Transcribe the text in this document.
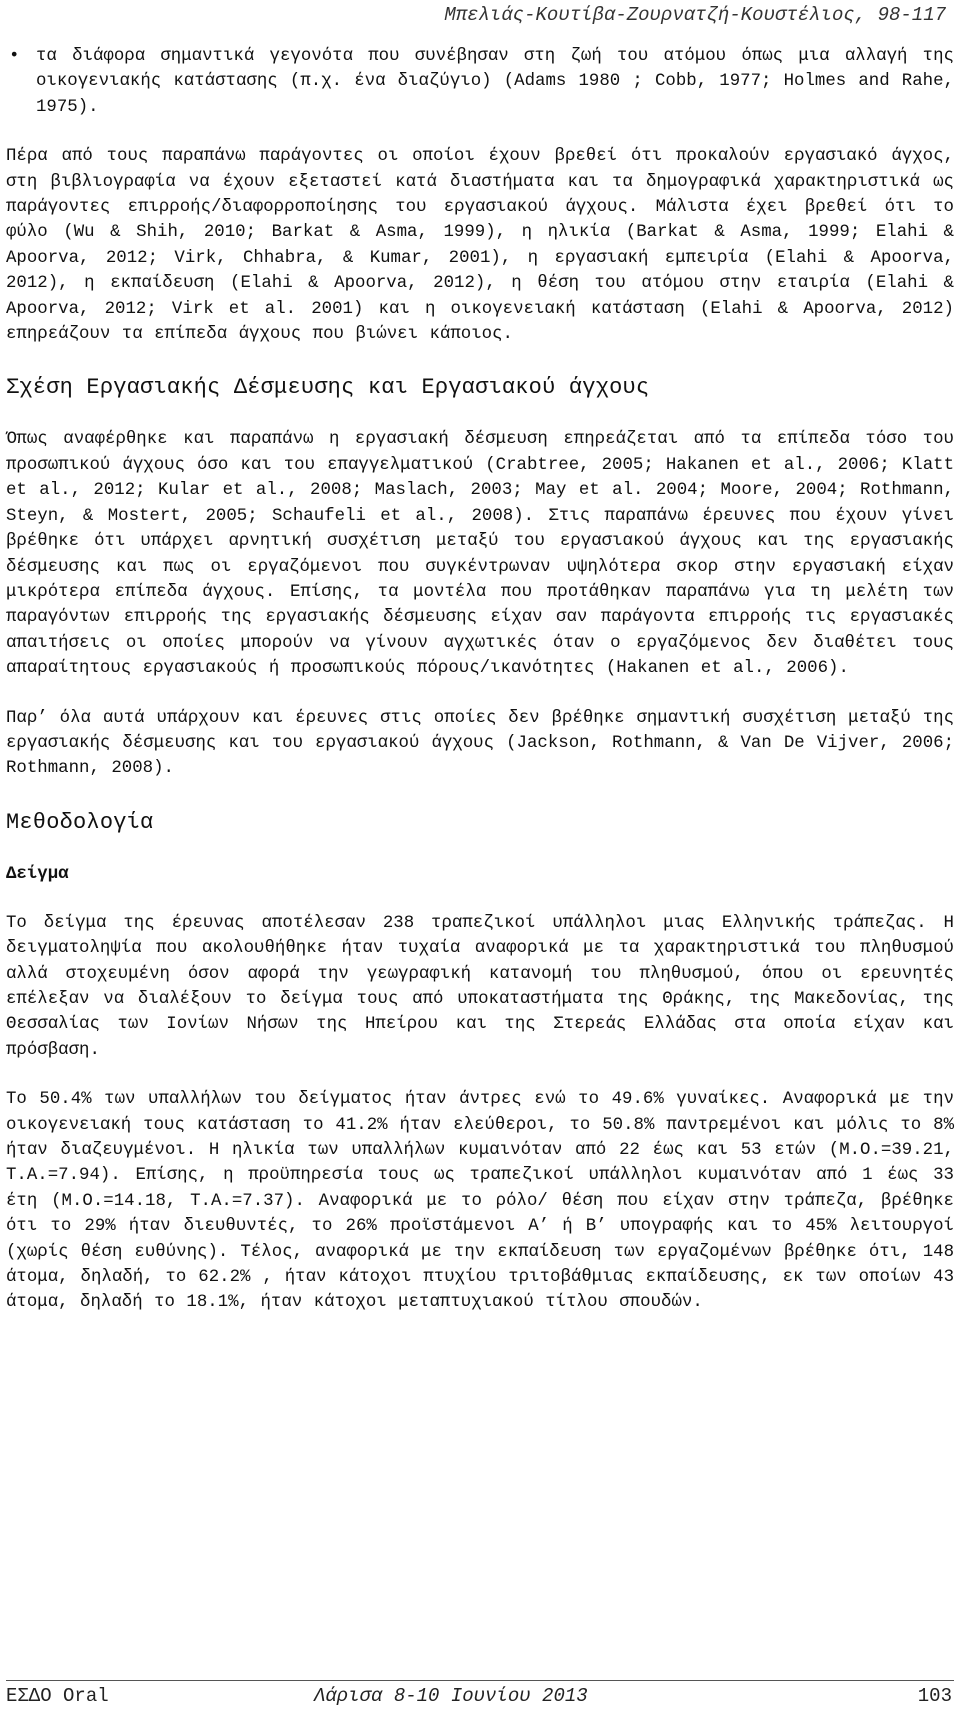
Μπελιάς-Κουτίβα-Ζουρνατζή-Κουστέλιος, 98-117
• τα διάφορα σημαντικά γεγονότα που συνέβησαν στη ζωή του ατόμου όπως μια αλλαγή της οικογενιακής κατάστασης (π.χ. ένα διαζύγιο) (Adams 1980 ; Cobb, 1977; Holmes and Rahe, 1975).

Πέρα από τους παραπάνω παράγοντες οι οποίοι έχουν βρεθεί ότι προκαλούν εργασιακό άγχος, στη βιβλιογραφία να έχουν εξεταστεί κατά διαστήματα και τα δημογραφικά χαρακτηριστικά ως παράγοντες επιρροής/διαφορροποίησης του εργασιακού άγχους. Μάλιστα έχει βρεθεί ότι το φύλο (Wu & Shih, 2010; Barkat & Asma, 1999), η ηλικία (Barkat & Asma, 1999; Elahi & Apoorva, 2012; Virk, Chhabra, & Kumar, 2001), η εργασιακή εμπειρία (Elahi & Apoorva, 2012), η εκπαίδευση (Elahi & Apoorva, 2012), η θέση του ατόμου στην εταιρία (Elahi & Apoorva, 2012; Virk et al. 2001) και η οικογενειακή κατάσταση (Elahi & Apoorva, 2012) επηρεάζουν τα επίπεδα άγχους που βιώνει κάποιος.

Σχέση Εργασιακής Δέσμευσης και Εργασιακού άγχους

Όπως αναφέρθηκε και παραπάνω η εργασιακή δέσμευση επηρεάζεται από τα επίπεδα τόσο του προσωπικού άγχους όσο και του επαγγελματικού (Crabtree, 2005; Hakanen et al., 2006; Klatt et al., 2012; Kular et al., 2008; Maslach, 2003; May et al. 2004; Moore, 2004; Rothmann, Steyn, & Mostert, 2005; Schaufeli et al., 2008). Στις παραπάνω έρευνες που έχουν γίνει βρέθηκε ότι υπάρχει αρνητική συσχέτιση μεταξύ του εργασιακού άγχους και της εργασιακής δέσμευσης και πως οι εργαζόμενοι που συγκέντρωναν υψηλότερα σκορ στην εργασιακή είχαν μικρότερα επίπεδα άγχους. Επίσης, τα μοντέλα που προτάθηκαν παραπάνω για τη μελέτη των παραγόντων επιρροής της εργασιακής δέσμευσης είχαν σαν παράγοντα επιρροής τις εργασιακές απαιτήσεις οι οποίες μπορούν να γίνουν αγχωτικές όταν ο εργαζόμενος δεν διαθέτει τους απαραίτητους εργασιακούς ή προσωπικούς πόρους/ικανότητες (Hakanen et al., 2006).

Παρ’ όλα αυτά υπάρχουν και έρευνες στις οποίες δεν βρέθηκε σημαντική συσχέτιση μεταξύ της εργασιακής δέσμευσης και του εργασιακού άγχους (Jackson, Rothmann, & Van De Vijver, 2006; Rothmann, 2008).

Μεθοδολογία
Δείγμα

Το δείγμα της έρευνας αποτέλεσαν 238 τραπεζικοί υπάλληλοι μιας Ελληνικής τράπεζας. Η δειγματοληψία που ακολουθήθηκε ήταν τυχαία αναφορικά με τα χαρακτηριστικά του πληθυσμού αλλά στοχευμένη όσον αφορά την γεωγραφική κατανομή του πληθυσμού, όπου οι ερευνητές επέλεξαν να διαλέξουν το δείγμα τους από υποκαταστήματα της Θράκης, της Μακεδονίας, της Θεσσαλίας των Ιονίων Νήσων της Ηπείρου και της Στερεάς Ελλάδας στα οποία είχαν και πρόσβαση.

Το 50.4% των υπαλλήλων του δείγματος ήταν άντρες ενώ το 49.6% γυναίκες. Αναφορικά με την οικογενειακή τους κατάσταση το 41.2% ήταν ελεύθεροι, το 50.8% παντρεμένοι και μόλις το 8% ήταν διαζευγμένοι. Η ηλικία των υπαλλήλων κυμαινόταν από 22 έως και 53 ετών (Μ.Ο.=39.21, Τ.Α.=7.94). Επίσης, η προϋπηρεσία τους ως τραπεζικοί υπάλληλοι κυμαινόταν από 1 έως 33 έτη (Μ.Ο.=14.18, Τ.Α.=7.37). Αναφορικά με το ρόλο/ θέση που είχαν στην τράπεζα, βρέθηκε ότι το 29% ήταν διευθυντές, το 26% προϊστάμενοι Α’ ή Β’ υπογραφής και το 45% λειτουργοί (χωρίς θέση ευθύνης). Τέλος, αναφορικά με την εκπαίδευση των εργαζομένων βρέθηκε ότι, 148 άτομα, δηλαδή, το 62.2% , ήταν κάτοχοι πτυχίου τριτοβάθμιας εκπαίδευσης, εκ των οποίων 43 άτομα, δηλαδή το 18.1%, ήταν κάτοχοι μεταπτυχιακού τίτλου σπουδών.

ΕΣΔΟ Oral	Λάρισα 8-10 Ιουνίου 2013	103
